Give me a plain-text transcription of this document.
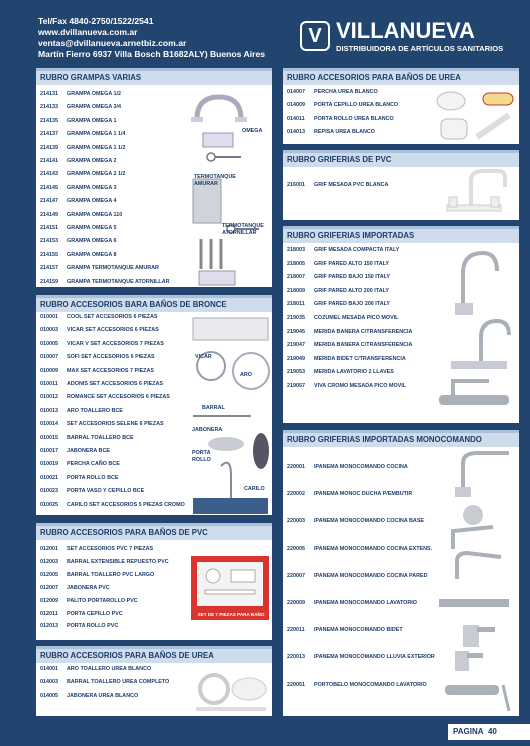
Tel/Fax 4840-2750/1522/2541
www.dvillanueva.com.ar
ventas@dvillanueva.arnetbiz.com.ar
Martín Fierro 6937 Villa Bosch B1682ALY) Buenos Aires
V VILLANUEVA
DISTRIBUIDORA DE ARTÍCULOS SANITARIOS
RUBRO GRAMPAS VARIAS
214131 GRAMPA OMEGA 1/2
214133 GRAMPA OMEGA 3/4
214135 GRAMPA OMEGA 1
214137 GRAMPA OMEGA 1 1/4
214139 GRAMPA OMEGA 1 1/2
214141 GRAMPA OMEGA 2
214143 GRAMPA OMEGA 2 1/2
214145 GRAMPA OMEGA 3
214147 GRAMPA OMEGA 4
214149 GRAMPA OMEGA 110
214151 GRAMPA OMEGA 5
214153 GRAMPA OMEGA 6
214155 GRAMPA OMEGA 8
214157 GRAMPA TERMOTANQUE AMURAR
214159 GRAMPA TERMOTANQUE ATORNILLAR
OMEGA
TERMOTANQUE AMURAR
TERMOTANQUE ATORNILLAR
RUBRO ACCESORIOS BARA BAÑOS DE BRONCE
010001 COOL SET ACCESORIOS 6 PIEZAS
010003 VICAR SET ACCESORIOS 6 PIEZAS
010005 VICAR V SET ACCESORIOS 7 PIEZAS
010007 SOFI SET ACCESORIOS 6 PIEZAS
010009 MAX SET ACCESORIOS 7 PIEZAS
010011 ADONIS SET ACCESORIOS 6 PIEZAS
010012 ROMANCE SET ACCESORIOS 6 PIEZAS
010013 ARO TOALLERO BCE
010014 SET ACCESORIOS SELENE 6 PIEZAS
010015 BARRAL TOALLERO BCE
010017 JABONERA BCE
010019 PERCHA CAÑO BCE
010021 PORTA ROLLO BCE
010023 PORTA VASO Y CEPILLO BCE
010025 CARILO SET ACCESORIOS 5 PIEZAS CROMO
VICAR
ARO
BARRAL
JABONERA
PORTA ROLLO
CARILO
RUBRO ACCESORIOS PARA BAÑOS DE PVC
012001 SET ACCESORIOS PVC 7 PIEZAS
012003 BARRAL EXTENSIBLE REPUESTO PVC
012005 BARRAL TOALLERO PVC LARGO
012007 JABONERA PVC
012009 PALITO PORTAROLLO PVC
012011 PORTA CEPILLO PVC
012013 PORTA ROLLO PVC
SET DE 7 PIEZAS PARA BAÑO
RUBRO ACCESORIOS PARA BAÑOS DE UREA
014001 ARO TOALLERO UREA BLANCO
014003 BARRAL TOALLERO UREA COMPLETO
014005 JABONERA UREA BLANCO
RUBRO ACCESORIOS PARA BAÑOS DE UREA
014007 PERCHA UREA BLANCO
014009 PORTA CEPILLO UREA BLANCO
014011 PORTA ROLLO UREA BLANCO
014013 REPISA UREA BLANCO
RUBRO GRIFERIAS DE PVC
216001 GRIF MESADA PVC BLANCA
RUBRO GRIFERIAS IMPORTADAS
218003 GRIF MESADA COMPACTA ITALY
218005 GRIF PARED ALTO 150 ITALY
218007 GRIF PARED BAJO 150 ITALY
218009 GRIF PARED ALTO 200 ITALY
218011 GRIF PARED BAJO 200 ITALY
219035 COZUMEL MESADA PICO MOVIL
219045 MERIDA BANERA C/TRANSFERENCIA
219047 MERIDA BANERA C/TRANSFERENCIA
219049 MERIDA BIDET C/TRANSFERENCIA
219053 MERIDA LAVATORIO 2 LLAVES
219057 VIVA CROMO MESADA PICO MOVIL
RUBRO GRIFERIAS IMPORTADAS MONOCOMANDO
220001 IPANEMA MONOCOMANDO COCINA
220002 IPANEMA MONOC DUCHA P/EMBUTIR
220003 IPANEMA MONOCOMANDO COCINA BASE
220005 IPANEMA MONOCOMANDO COCINA EXTENS.
220007 IPANEMA MONOCOMANDO COCINA PARED
220009 IPANEMA MONOCOMANDO LAVATORIO
220011 IPANEMA MONOCOMANDO BIDET
220013 IPANEMA MONOCOMANDO LLUVIA EXTERIOR
220051 PORTOBELO MONOCOMANDO LAVATORIO
PAGINA 40
